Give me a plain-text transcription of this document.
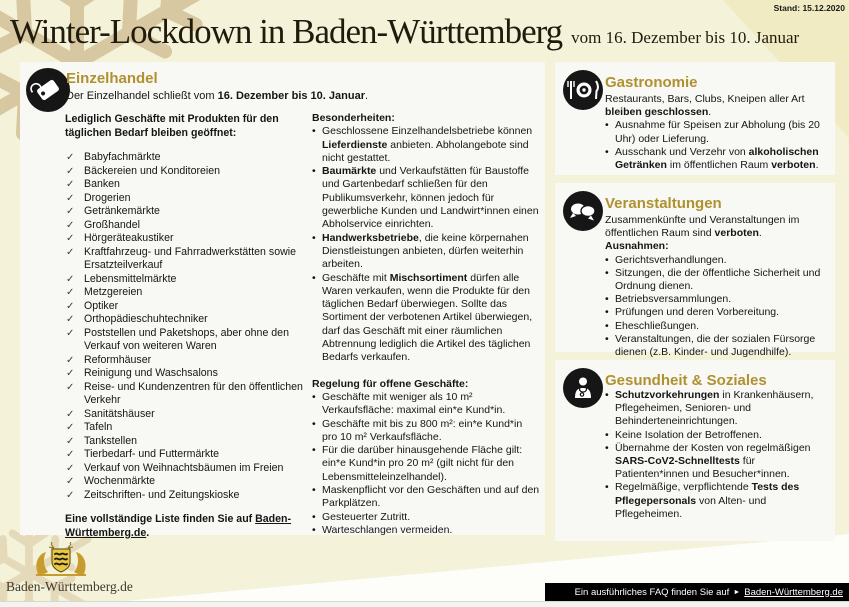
Winter-Lockdown in Baden-Württemberg vom 16. Dezember bis 10. Januar
Stand: 15.12.2020
Einzelhandel

Der Einzelhandel schließt vom 16. Dezember bis 10. Januar.

Lediglich Geschäfte mit Produkten für den täglichen Bedarf bleiben geöffnet:

✓ Babyfachmärkte
✓ Bäckereien und Konditoreien
✓ Banken
✓ Drogerien
✓ Getränkemärkte
✓ Großhandel
✓ Hörgeräteakustiker
✓ Kraftfahrzeug- und Fahrradwerkstätten sowie Ersatzteilverkauf
✓ Lebensmittelmärkte
✓ Metzgereien
✓ Optiker
✓ Orthopädieschuhtechniker
✓ Poststellen und Paketshops, aber ohne den Verkauf von weiteren Waren
✓ Reformhäuser
✓ Reinigung und Waschsalons
✓ Reise- und Kundenzentren für den öffentlichen Verkehr
✓ Sanitätshäuser
✓ Tafeln
✓ Tankstellen
✓ Tierbedarf- und Futtermärkte
✓ Verkauf von Weihnachtsbäumen im Freien
✓ Wochenmärkte
✓ Zeitschriften- und Zeitungskioske

Eine vollständige Liste finden Sie auf Baden-Württemberg.de.

Besonderheiten:

• Geschlossene Einzelhandelsbetriebe können Lieferdienste anbieten. Abholangebote sind nicht gestattet.
• Baumärkte und Verkaufstätten für Baustoffe und Gartenbedarf schließen für den Publikumsverkehr, können jedoch für gewerbliche Kunden und Landwirt*innen einen Abholservice einrichten.
• Handwerksbetriebe, die keine körpernahen Dienstleistungen anbieten, dürfen weiterhin arbeiten.
• Geschäfte mit Mischsortiment dürfen alle Waren verkaufen, wenn die Produkte für den täglichen Bedarf überwiegen. Sollte das Sortiment der verbotenen Artikel überwiegen, darf das Geschäft mit einer räumlichen Abtrennung lediglich die Artikel des täglichen Bedarfs verkaufen.

Regelung für offene Geschäfte:

• Geschäfte mit weniger als 10 m² Verkaufsfläche: maximal ein*e Kund*in.
• Geschäfte mit bis zu 800 m²: ein*e Kund*in pro 10 m² Verkaufsfläche.
• Für die darüber hinausgehende Fläche gilt: ein*e Kund*in pro 20 m² (gilt nicht für den Lebensmitteleinzelhandel).
• Maskenpflicht vor den Geschäften und auf den Parkplätzen.
• Gesteuerter Zutritt.
• Warteschlangen vermeiden.
Gastronomie

Restaurants, Bars, Clubs, Kneipen aller Art bleiben geschlossen.

• Ausnahme für Speisen zur Abholung (bis 20 Uhr) oder Lieferung.
• Ausschank und Verzehr von alkoholischen Getränken im öffentlichen Raum verboten.
Veranstaltungen

Zusammenkünfte und Veranstaltungen im öffentlichen Raum sind verboten.

Ausnahmen:

• Gerichtsverhandlungen.
• Sitzungen, die der öffentliche Sicherheit und Ordnung dienen.
• Betriebsversammlungen.
• Prüfungen und deren Vorbereitung.
• Eheschließungen.
• Veranstaltungen, die der sozialen Fürsorge dienen (z.B. Kinder- und Jugendhilfe).
Gesundheit & Soziales
• Schutzvorkehrungen in Krankenhäusern, Pflegeheimen, Senioren- und Behinderteneinrichtungen.
• Keine Isolation der Betroffenen.
• Übernahme der Kosten von regelmäßigen SARS-CoV2-Schnelltests für Patienten*innen und Besucher*innen.
• Regelmäßige, verpflichtende Tests des Pflegepersonals von Alten- und Pflegeheimen.
Baden-Württemberg.de	Ein ausführliches FAQ finden Sie auf ► Baden-Württemberg.de
